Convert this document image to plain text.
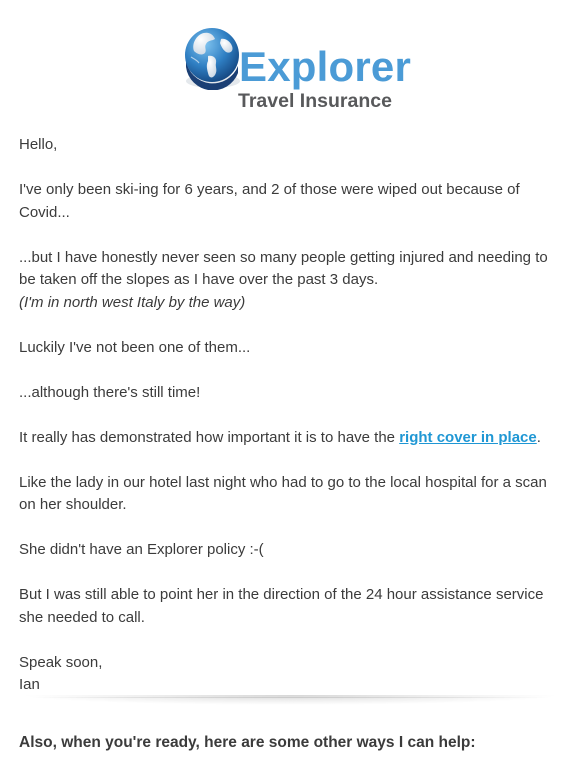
Explorer
Travel Insurance

Hello,

I've only been ski-ing for 6 years, and 2 of those were wiped out because of Covid...

...but I have honestly never seen so many people getting injured and needing to be taken off the slopes as I have over the past 3 days.
(I'm in north west Italy by the way)

Luckily I've not been one of them...

...although there's still time!

It really has demonstrated how important it is to have the right cover in place.

Like the lady in our hotel last night who had to go to the local hospital for a scan on her shoulder.

She didn't have an Explorer policy :-(

But I was still able to point her in the direction of the 24 hour assistance service she needed to call.

Speak soon,
Ian

Also, when you're ready, here are some other ways I can help:
